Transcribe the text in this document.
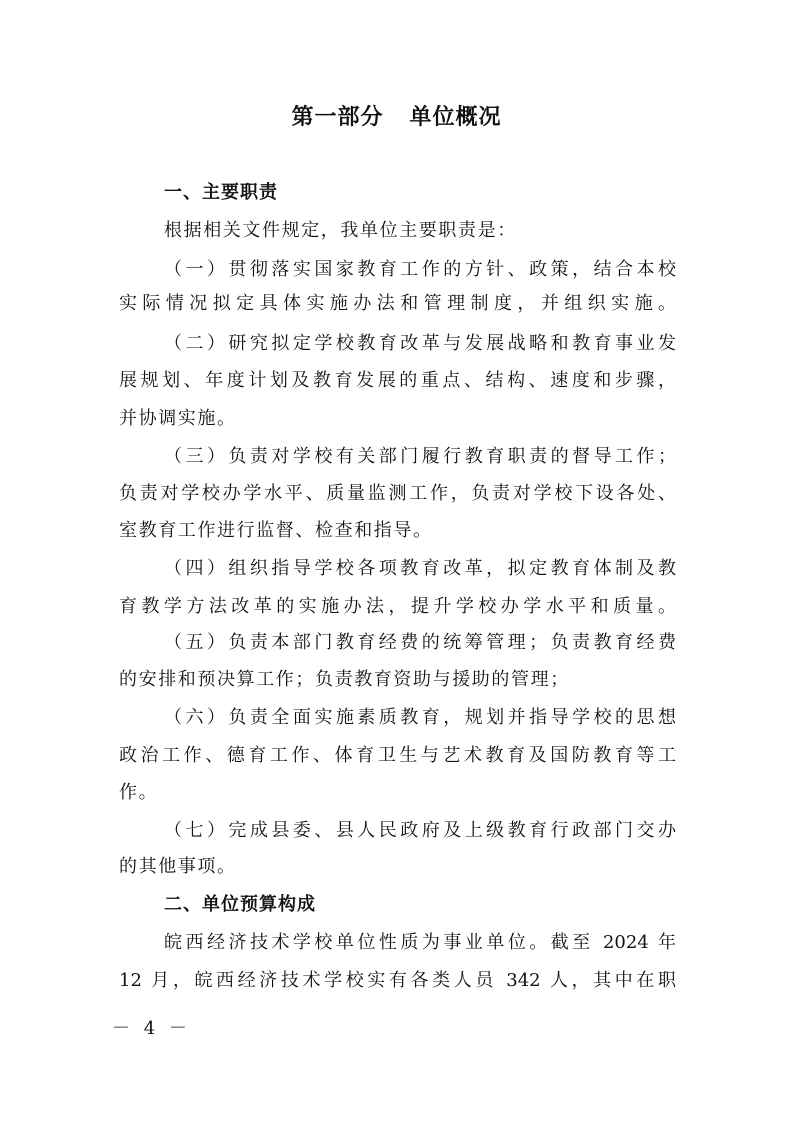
第一部分 单位概况
一、主要职责
根据相关文件规定，我单位主要职责是：
（一）贯彻落实国家教育工作的方针、政策，结合本校
实际情况拟定具体实施办法和管理制度，并组织实施。
（二）研究拟定学校教育改革与发展战略和教育事业发
展规划、年度计划及教育发展的重点、结构、速度和步骤，
并协调实施。
（三）负责对学校有关部门履行教育职责的督导工作；
负责对学校办学水平、质量监测工作，负责对学校下设各处、
室教育工作进行监督、检查和指导。
（四）组织指导学校各项教育改革，拟定教育体制及教
育教学方法改革的实施办法，提升学校办学水平和质量。
（五）负责本部门教育经费的统筹管理；负责教育经费
的安排和预决算工作；负责教育资助与援助的管理；
（六）负责全面实施素质教育，规划并指导学校的思想
政治工作、德育工作、体育卫生与艺术教育及国防教育等工
作。
（七）完成县委、县人民政府及上级教育行政部门交办
的其他事项。
二、单位预算构成
皖西经济技术学校单位性质为事业单位。截至 2024 年
12 月，皖西经济技术学校实有各类人员 342 人，其中在职
－ 4 －
